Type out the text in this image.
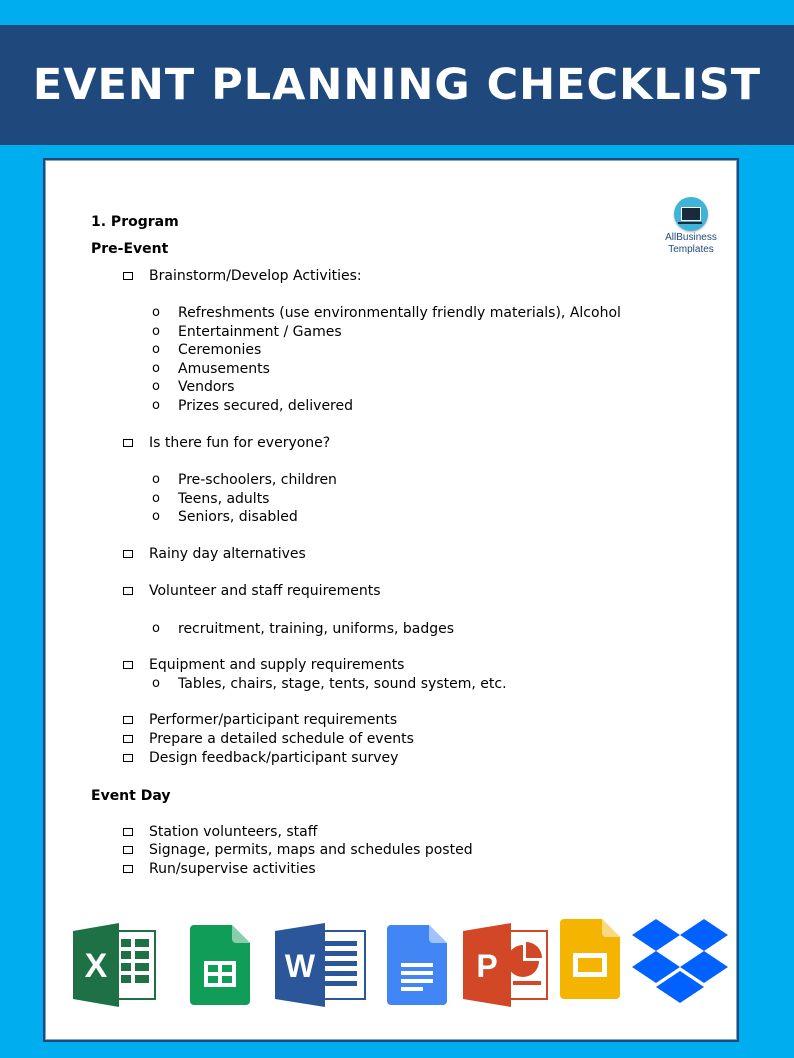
EVENT PLANNING CHECKLIST
AllBusiness
Templates
1. Program
Pre-Event
Event Day
Brainstorm/Develop Activities:
o Refreshments (use environmentally friendly materials), Alcohol
o Entertainment / Games
o Ceremonies
o Amusements
o Vendors
o Prizes secured, delivered
Is there fun for everyone?
o Pre-schoolers, children
o Teens, adults
o Seniors, disabled
Rainy day alternatives
Volunteer and staff requirements
o recruitment, training, uniforms, badges
Equipment and supply requirements
o Tables, chairs, stage, tents, sound system, etc.
Performer/participant requirements
Prepare a detailed schedule of events
Design feedback/participant survey
Station volunteers, staff
Signage, permits, maps and schedules posted
Run/supervise activities
X	W	P
